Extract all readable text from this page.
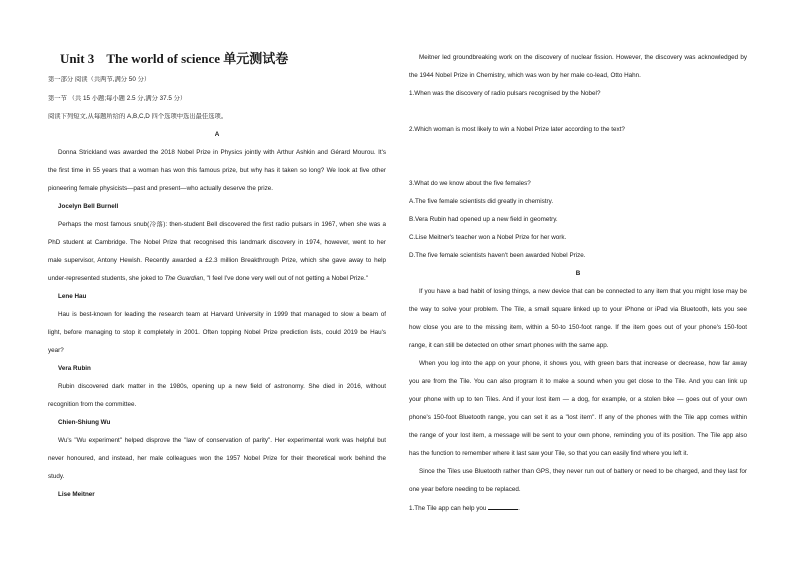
Unit 3 The world of science 单元测试卷
第一部分 阅读（共两节,满分 50 分）
第一节 （共 15 小题;每小题 2.5 分,满分 37.5 分）
阅读下列短文,从每题所给的 A,B,C,D 四个选项中选出最佳选项。
A
Donna Strickland was awarded the 2018 Nobel Prize in Physics jointly with Arthur Ashkin and Gérard Mourou. It's
the first time in 55 years that a woman has won this famous prize, but why has it taken so long? We look at five other
pioneering female physicists—past and present—who actually deserve the prize.
Jocelyn Bell Burnell
Perhaps the most famous snub(冷落): then-student Bell discovered the first radio pulsars in 1967, when she was a
PhD student at Cambridge. The Nobel Prize that recognised this landmark discovery in 1974, however, went to her
male supervisor, Antony Hewish. Recently awarded a £2.3 million Breakthrough Prize, which she gave away to help
under-represented students, she joked to The Guardian, "I feel I've done very well out of not getting a Nobel Prize."
Lene Hau
Hau is best-known for leading the research team at Harvard University in 1999 that managed to slow a beam of
light, before managing to stop it completely in 2001. Often topping Nobel Prize prediction lists, could 2019 be Hau's
year?
Vera Rubin
Rubin discovered dark matter in the 1980s, opening up a new field of astronomy. She died in 2016, without
recognition from the committee.
Chien-Shiung Wu
Wu's "Wu experiment" helped disprove the "law of conservation of parity". Her experimental work was helpful but
never honoured, and instead, her male colleagues won the 1957 Nobel Prize for their theoretical work behind the
study.
Lise Meitner
Meitner led groundbreaking work on the discovery of nuclear fission. However, the discovery was acknowledged by
the 1944 Nobel Prize in Chemistry, which was won by her male co-lead, Otto Hahn.
1.When was the discovery of radio pulsars recognised by the Nobel?
2.Which woman is most likely to win a Nobel Prize later according to the text?
3.What do we know about the five females?
A.The five female scientists did greatly in chemistry.
B.Vera Rubin had opened up a new field in geometry.
C.Lise Meitner's teacher won a Nobel Prize for her work.
D.The five female scientists haven't been awarded Nobel Prize.
B
If you have a bad habit of losing things, a new device that can be connected to any item that you might lose may be
the way to solve your problem. The Tile, a small square linked up to your iPhone or iPad via Bluetooth, lets you see
how close you are to the missing item, within a 50-to 150-foot range. If the item goes out of your phone's 150-foot
range, it can still be detected on other smart phones with the same app.
When you log into the app on your phone, it shows you, with green bars that increase or decrease, how far away
you are from the Tile. You can also program it to make a sound when you get close to the Tile. And you can link up
your phone with up to ten Tiles. And if your lost item — a dog, for example, or a stolen bike — goes out of your own
phone's 150-foot Bluetooth range, you can set it as a "lost item". If any of the phones with the Tile app comes within
the range of your lost item, a message will be sent to your own phone, reminding you of its position. The Tile app also
has the function to remember where it last saw your Tile, so that you can easily find where you left it.
Since the Tiles use Bluetooth rather than GPS, they never run out of battery or need to be charged, and they last for
one year before needing to be replaced.
1.The Tile app can help you	.
